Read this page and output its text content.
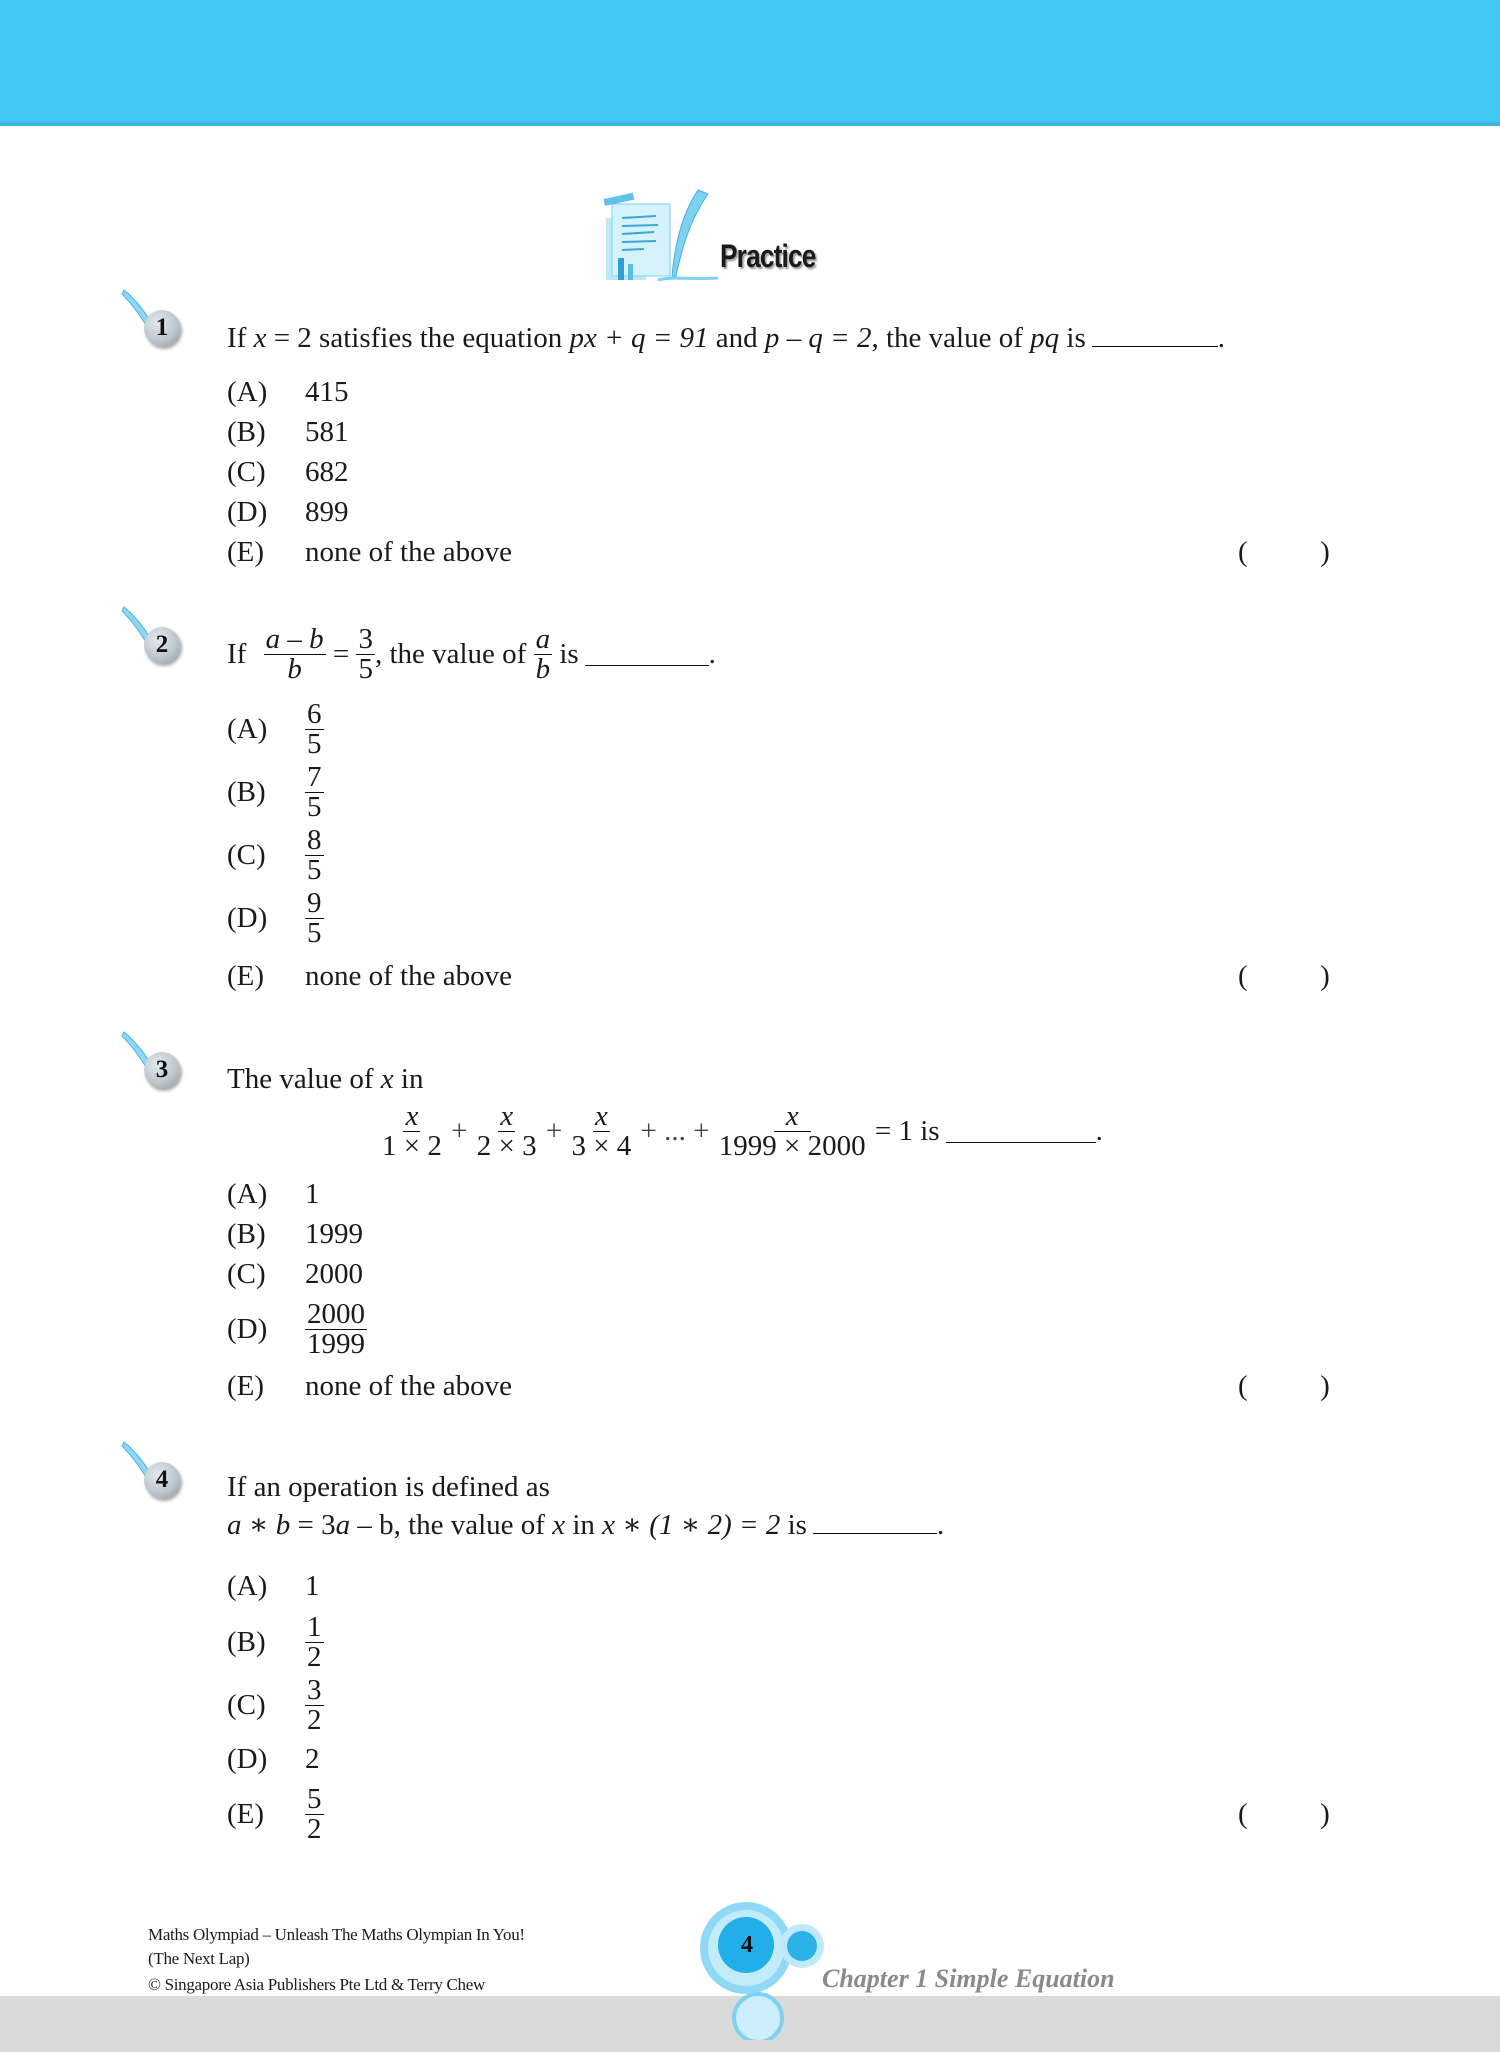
Practice
1	If x = 2 satisfies the equation px + q = 91 and p – q = 2, the value of pq is	.
(A) 415
(B) 581
(C) 682
(D) 899
(E) none of the above	(          )
2	If $\frac{a - b}{b} = \frac{3}{5}$ , the value of $\frac{a}{b}$ is	.
$(A) \frac{6}{5}$
$(B) \frac{7}{5}$
$(C) \frac{8}{5}$
$(D) \frac{9}{5}$
(E) none of the above	(          )
3	The value of x in
$\frac{x}{1 \times 2} + \frac{x}{2 \times 3} + \frac{x}{3 \times 4}$ + ... + $\frac{x}{1999 \times 2000} = 1$ is	.
(A) 1
(B) 1999
(C) 2000
$(D) \frac{2000}{1999}$
(E) none of the above	(          )
4	If an operation is defined as
a ∗ b = 3a – b, the value of x in x ∗ (1 ∗ 2) = 2 is	.
(A) 1
$(B) \frac{1}{2}$
$(C) \frac{3}{2}$
(D) 2
$(E) \frac{5}{2}$	(          )
Maths Olympiad – Unleash The Maths Olympian In You!
(The Next Lap)
© Singapore Asia Publishers Pte Ltd & Terry Chew
4
Chapter 1 Simple Equation
